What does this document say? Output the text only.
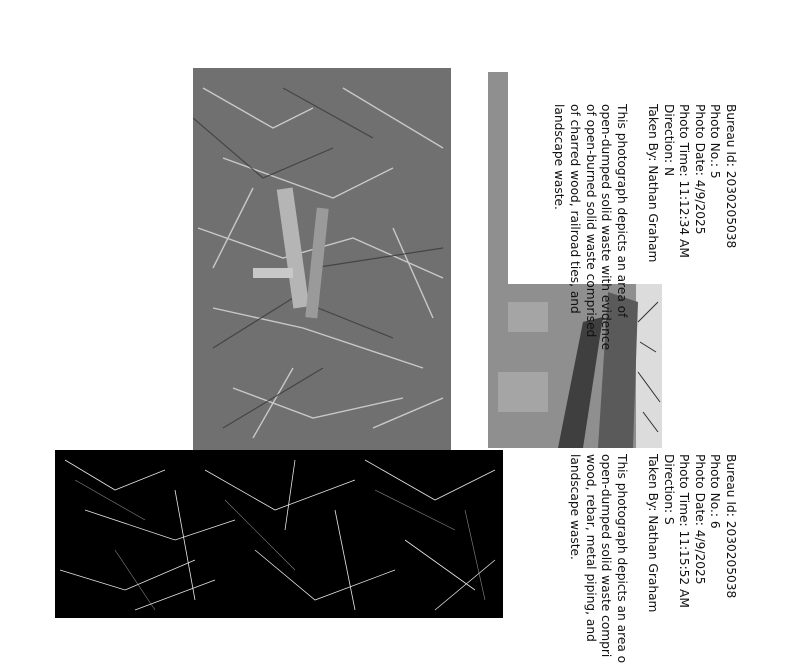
Bureau Id: 2030205038
Photo No.: 5
Photo Date: 4/9/2025
Photo Time: 11:12:34 AM
Direction: N
Taken By: Nathan Graham
This photograph depicts an area of
open-dumped solid waste with evidence
of open-burned solid waste comprised
of charred wood, railroad ties, and
landscape waste.
Bureau Id: 2030205038
Photo No.: 6
Photo Date: 4/9/2025
Photo Time: 11:15:52 AM
Direction: S
Taken By: Nathan Graham
This photograph depicts an area o
open-dumped solid waste compri
wood, rebar, metal piping, and
landscape waste.
